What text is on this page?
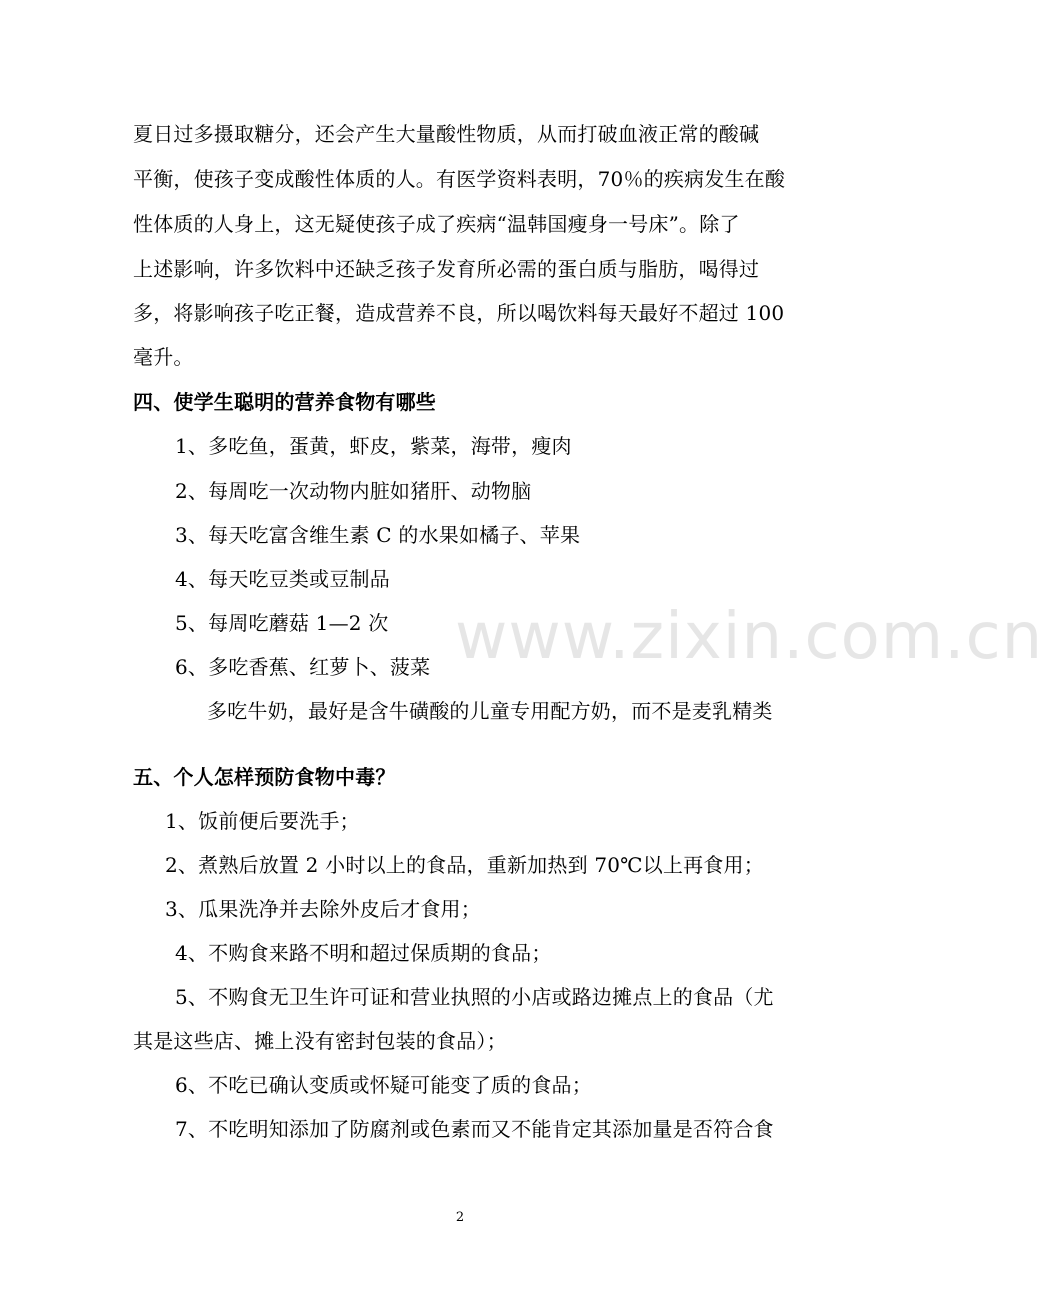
夏日过多摄取糖分，还会产生大量酸性物质，从而打破血液正常的酸碱
平衡，使孩子变成酸性体质的人。有医学资料表明，70％的疾病发生在酸
性体质的人身上，这无疑使孩子成了疾病“温韩国瘦身一号床”。除了
上述影响，许多饮料中还缺乏孩子发育所必需的蛋白质与脂肪，喝得过
多，将影响孩子吃正餐，造成营养不良，所以喝饮料每天最好不超过 100
毫升。
四、使学生聪明的营养食物有哪些
1、多吃鱼，蛋黄，虾皮，紫菜，海带，瘦肉
2、每周吃一次动物内脏如猪肝、动物脑
3、每天吃富含维生素 C 的水果如橘子、苹果
4、每天吃豆类或豆制品
5、每周吃蘑菇 1—2 次
6、多吃香蕉、红萝卜、菠菜
多吃牛奶，最好是含牛磺酸的儿童专用配方奶，而不是麦乳精类
五、个人怎样预防食物中毒？
1、饭前便后要洗手；
2、煮熟后放置 2 小时以上的食品，重新加热到 70℃以上再食用；
3、瓜果洗净并去除外皮后才食用；
4、不购食来路不明和超过保质期的食品；
5、不购食无卫生许可证和营业执照的小店或路边摊点上的食品（尤
其是这些店、摊上没有密封包装的食品）；
6、不吃已确认变质或怀疑可能变了质的食品；
7、不吃明知添加了防腐剂或色素而又不能肯定其添加量是否符合食
www.zixin.com.cn
2
